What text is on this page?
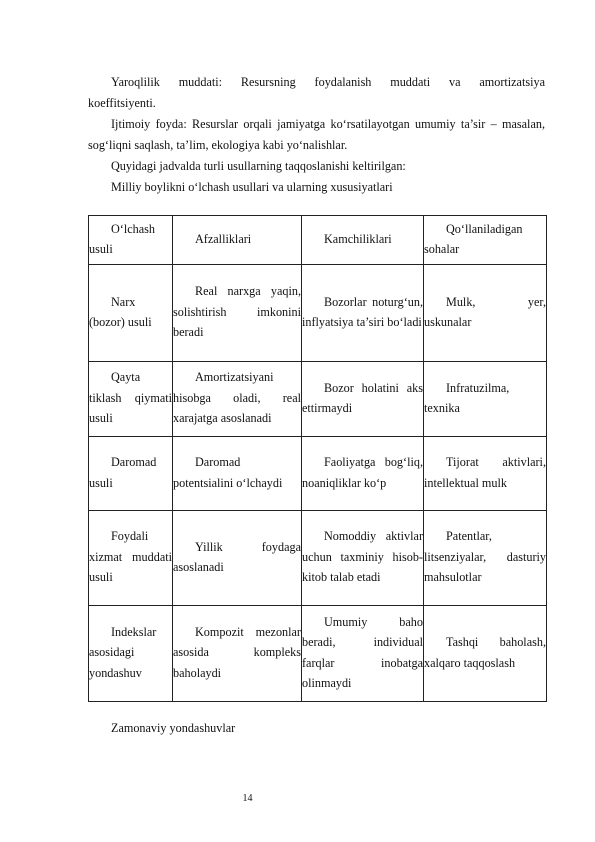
Yaroqlilik muddati: Resursning foydalanish muddati va amortizatsiya koeffitsiyenti.

Ijtimoiy foyda: Resurslar orqali jamiyatga ko‘rsatilayotgan umumiy ta’sir – masalan, sog‘liqni saqlash, ta’lim, ekologiya kabi yo‘nalishlar.

Quyidagi jadvalda turli usullarning taqqoslanishi keltirilgan:

Milliy boylikni o‘lchash usullari va ularning xususiyatlari

O‘lchash usuli	Afzalliklari	Kamchiliklari	Qo‘llaniladigan sohalar
Narx (bozor) usuli	Real narxga yaqin, solishtirish imkonini beradi	Bozorlar noturg‘un, inflyatsiya ta’siri bo‘ladi	Mulk, yer, uskunalar
Qayta tiklash qiymati usuli	Amortizatsiyani hisobga oladi, real xarajatga asoslanadi	Bozor holatini aks ettirmaydi	Infratuzilma, texnika
Daromad usuli	Daromad potentsialini o‘lchaydi	Faoliyatga bog‘liq, noaniqliklar ko‘p	Tijorat aktivlari, intellektual mulk
Foydali xizmat muddati usuli	Yillik foydaga asoslanadi	Nomoddiy aktivlar uchun taxminiy hisob-kitob talab etadi	Patentlar, litsenziyalar, dasturiy mahsulotlar
Indekslar asosidagi yondashuv	Kompozit mezonlar asosida kompleks baholaydi	Umumiy baho beradi, individual farqlar inobatga olinmaydi	Tashqi baholash, xalqaro taqqoslash

Zamonaviy yondashuvlar

14
